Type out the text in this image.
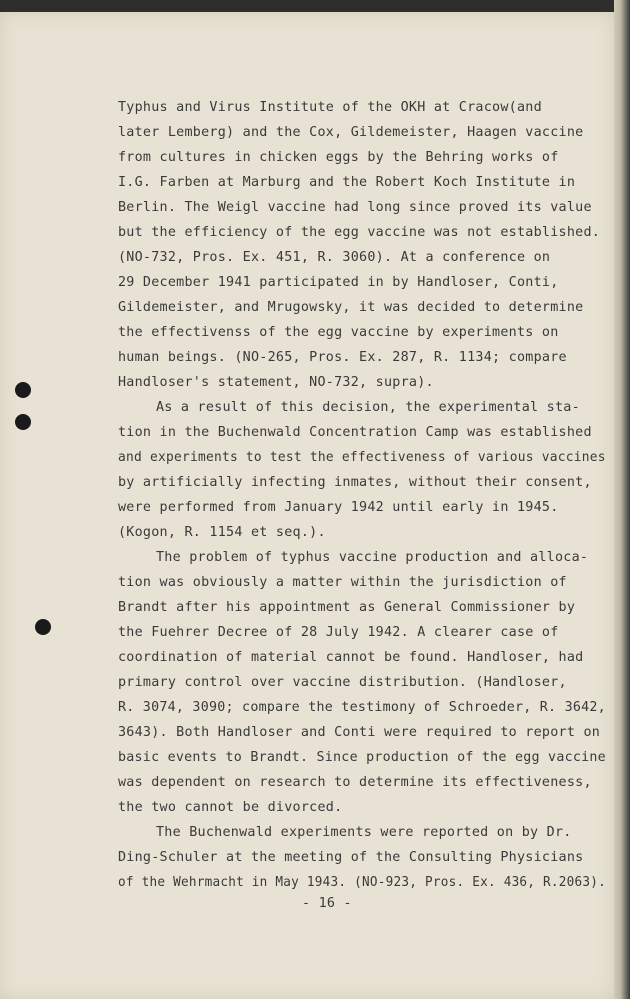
Typhus and Virus Institute of the OKH at Cracow(and

later Lemberg) and the Cox, Gildemeister, Haagen vaccine

from cultures in chicken eggs by the Behring works of

I.G. Farben at Marburg and the Robert Koch Institute in

Berlin. The Weigl vaccine had long since proved its value

but the efficiency of the egg vaccine was not established.

(NO-732, Pros. Ex. 451, R. 3060). At a conference on

29 December 1941 participated in by Handloser, Conti,

Gildemeister, and Mrugowsky, it was decided to determine

the effectivenss of the egg vaccine by experiments on

human beings. (NO-265, Pros. Ex. 287, R. 1134; compare

Handloser's statement, NO-732, supra).

As a result of this decision, the experimental sta-

tion in the Buchenwald Concentration Camp was established

and experiments to test the effectiveness of various vaccines

by artificially infecting inmates, without their consent,

were performed from January 1942 until early in 1945.

(Kogon, R. 1154 et seq.).

The problem of typhus vaccine production and alloca-

tion was obviously a matter within the jurisdiction of

Brandt after his appointment as General Commissioner by

the Fuehrer Decree of 28 July 1942. A clearer case of

coordination of material cannot be found. Handloser, had

primary control over vaccine distribution. (Handloser,

R. 3074, 3090; compare the testimony of Schroeder, R. 3642,

3643). Both Handloser and Conti were required to report on

basic events to Brandt. Since production of the egg vaccine

was dependent on research to determine its effectiveness,

the two cannot be divorced.

The Buchenwald experiments were reported on by Dr.

Ding-Schuler at the meeting of the Consulting Physicians

of the Wehrmacht in May 1943. (NO-923, Pros. Ex. 436, R.2063).

- 16 -
